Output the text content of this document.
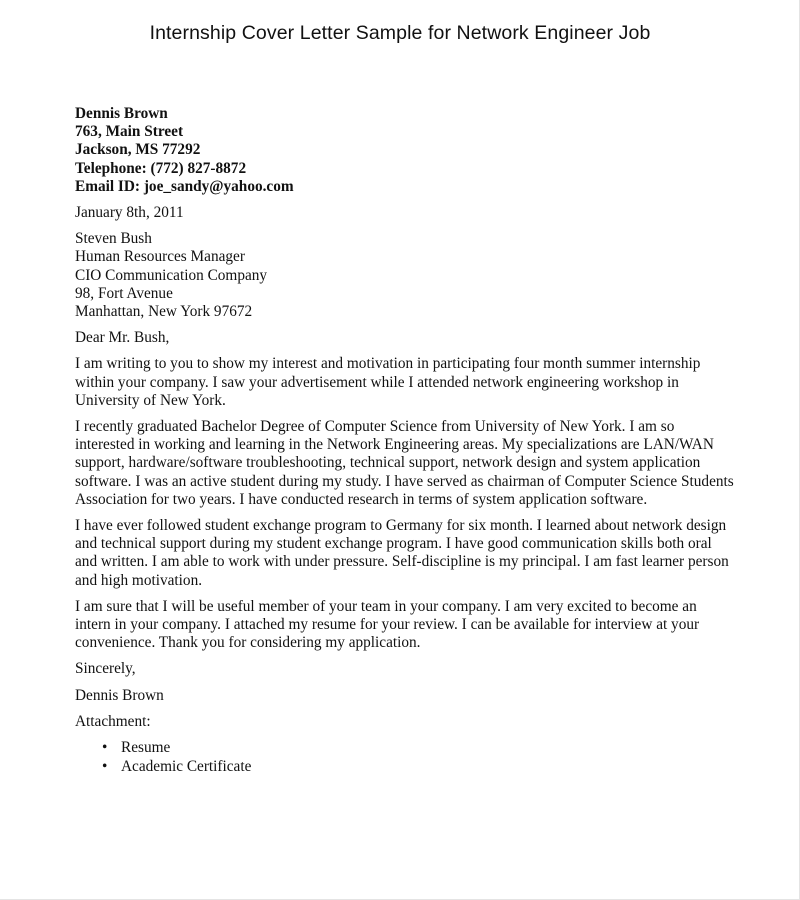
Internship Cover Letter Sample for Network Engineer Job
Dennis Brown
763, Main Street
Jackson, MS 77292
Telephone: (772) 827-8872
Email ID: joe_sandy@yahoo.com
January 8th, 2011
Steven Bush
Human Resources Manager
CIO Communication Company
98, Fort Avenue
Manhattan, New York 97672
Dear Mr. Bush,
I am writing to you to show my interest and motivation in participating four month summer internship within your company. I saw your advertisement while I attended network engineering workshop in University of New York.
I recently graduated Bachelor Degree of Computer Science from University of New York. I am so interested in working and learning in the Network Engineering areas. My specializations are LAN/WAN support, hardware/software troubleshooting, technical support, network design and system application software. I was an active student during my study. I have served as chairman of Computer Science Students Association for two years. I have conducted research in terms of system application software.
I have ever followed student exchange program to Germany for six month. I learned about network design and technical support during my student exchange program. I have good communication skills both oral and written. I am able to work with under pressure. Self-discipline is my principal. I am fast learner person and high motivation.
I am sure that I will be useful member of your team in your company. I am very excited to become an intern in your company. I attached my resume for your review. I can be available for interview at your convenience. Thank you for considering my application.
Sincerely,
Dennis Brown
Attachment:
• Resume
• Academic Certificate
